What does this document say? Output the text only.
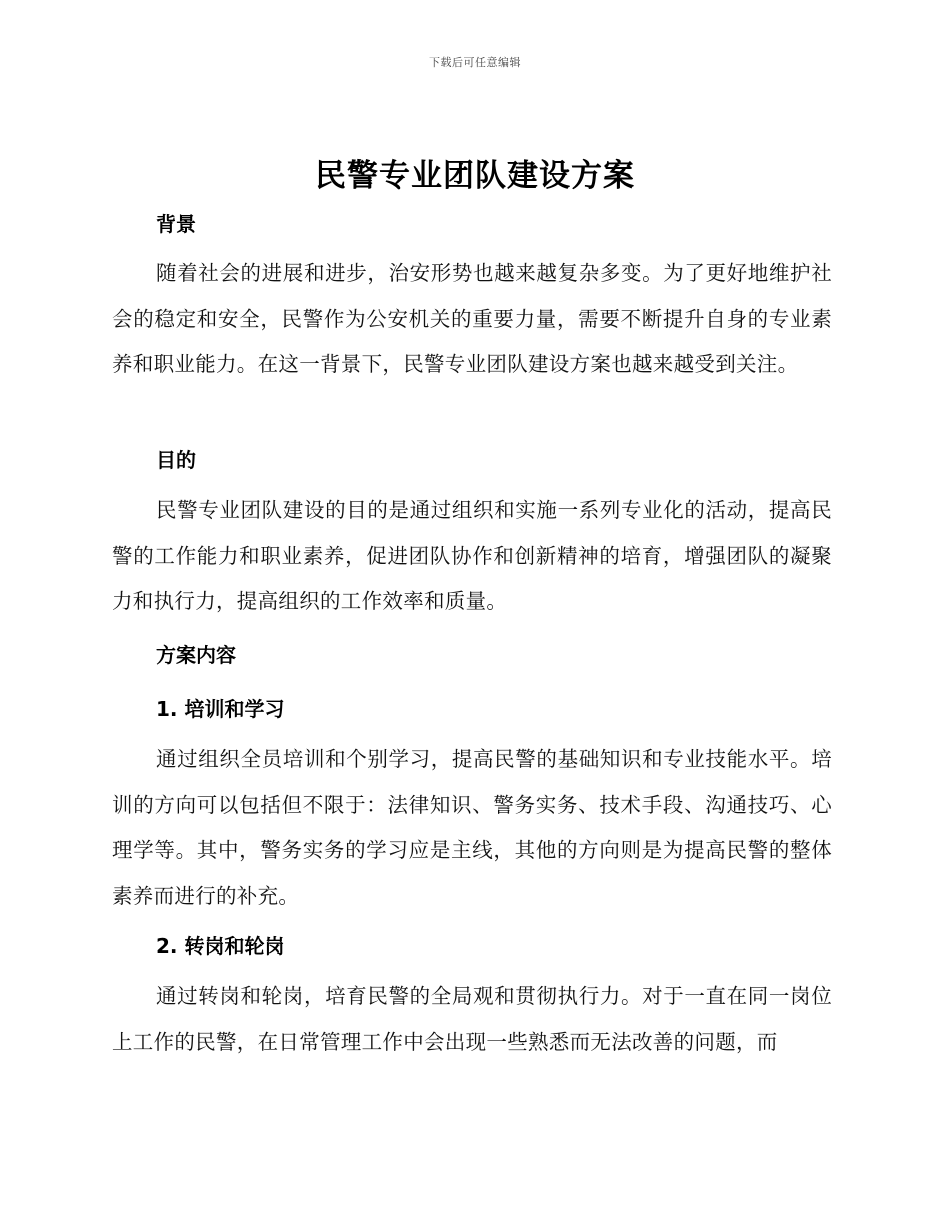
下载后可任意编辑
民警专业团队建设方案
背景

随着社会的进展和进步，治安形势也越来越复杂多变。为了更好地维护社会的稳定和安全，民警作为公安机关的重要力量，需要不断提升自身的专业素养和职业能力。在这一背景下，民警专业团队建设方案也越来越受到关注。

目的

民警专业团队建设的目的是通过组织和实施一系列专业化的活动，提高民警的工作能力和职业素养，促进团队协作和创新精神的培育，增强团队的凝聚力和执行力，提高组织的工作效率和质量。

方案内容
1. 培训和学习

通过组织全员培训和个别学习，提高民警的基础知识和专业技能水平。培训的方向可以包括但不限于：法律知识、警务实务、技术手段、沟通技巧、心理学等。其中，警务实务的学习应是主线，其他的方向则是为提高民警的整体素养而进行的补充。

2. 转岗和轮岗

通过转岗和轮岗，培育民警的全局观和贯彻执行力。对于一直在同一岗位上工作的民警，在日常管理工作中会出现一些熟悉而无法改善的问题，而
